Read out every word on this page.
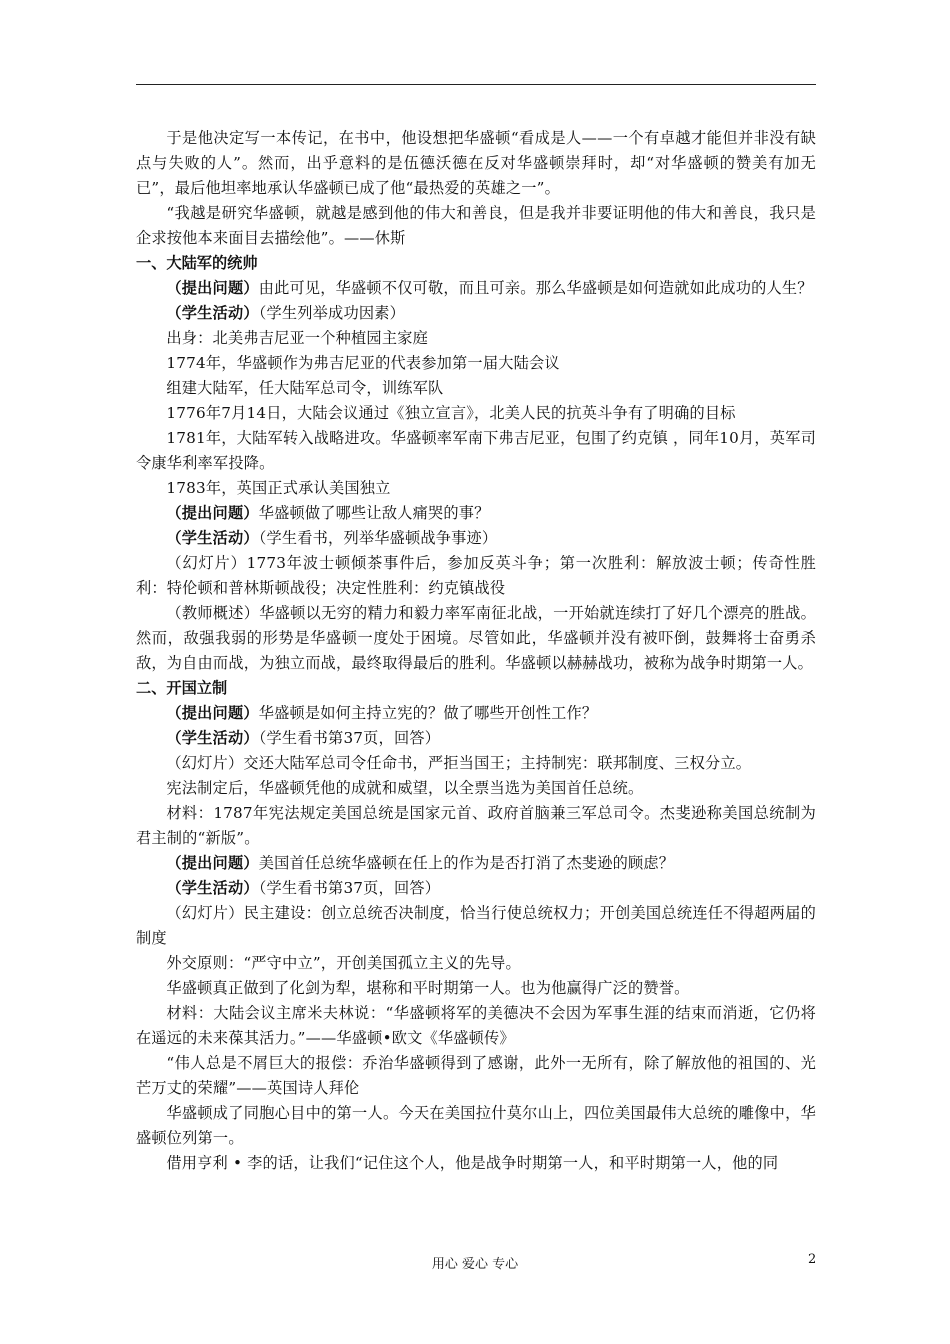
于是他决定写一本传记，在书中，他设想把华盛顿“看成是人——一个有卓越才能但并非没有缺点与失败的人”。然而，出乎意料的是伍德沃德在反对华盛顿崇拜时，却“对华盛顿的赞美有加无已”，最后他坦率地承认华盛顿已成了他“最热爱的英雄之一”。

“我越是研究华盛顿，就越是感到他的伟大和善良，但是我并非要证明他的伟大和善良，我只是企求按他本来面目去描绘他”。——休斯

一、大陆军的统帅

（提出问题）由此可见，华盛顿不仅可敬，而且可亲。那么华盛顿是如何造就如此成功的人生？

（学生活动）（学生列举成功因素）

出身：北美弗吉尼亚一个种植园主家庭

1774年，华盛顿作为弗吉尼亚的代表参加第一届大陆会议

组建大陆军，任大陆军总司令，训练军队

1776年7月14日，大陆会议通过《独立宣言》，北美人民的抗英斗争有了明确的目标

1781年，大陆军转入战略进攻。华盛顿率军南下弗吉尼亚，包围了约克镇 ，同年10月，英军司令康华利率军投降。

1783年，英国正式承认美国独立

（提出问题）华盛顿做了哪些让敌人痛哭的事？

（学生活动）（学生看书，列举华盛顿战争事迹）

（幻灯片）1773年波士顿倾茶事件后，参加反英斗争；第一次胜利：解放波士顿；传奇性胜利：特伦顿和普林斯顿战役；决定性胜利：约克镇战役

（教师概述）华盛顿以无穷的精力和毅力率军南征北战，一开始就连续打了好几个漂亮的胜战。然而，敌强我弱的形势是华盛顿一度处于困境。尽管如此，华盛顿并没有被吓倒，鼓舞将士奋勇杀敌，为自由而战，为独立而战，最终取得最后的胜利。华盛顿以赫赫战功，被称为战争时期第一人。

二、开国立制

（提出问题）华盛顿是如何主持立宪的？做了哪些开创性工作？

（学生活动）（学生看书第37页，回答）

（幻灯片）交还大陆军总司令任命书，严拒当国王；主持制宪：联邦制度、三权分立。

宪法制定后，华盛顿凭他的成就和威望，以全票当选为美国首任总统。

材料：1787年宪法规定美国总统是国家元首、政府首脑兼三军总司令。杰斐逊称美国总统制为君主制的“新版”。

（提出问题）美国首任总统华盛顿在任上的作为是否打消了杰斐逊的顾虑？

（学生活动）（学生看书第37页，回答）

（幻灯片）民主建设：创立总统否决制度，恰当行使总统权力；开创美国总统连任不得超两届的制度

外交原则：“严守中立”，开创美国孤立主义的先导。

华盛顿真正做到了化剑为犁，堪称和平时期第一人。也为他赢得广泛的赞誉。

材料：大陆会议主席米夫林说：“华盛顿将军的美德决不会因为军事生涯的结束而消逝，它仍将在遥远的未来葆其活力。”——华盛顿•欧文《华盛顿传》

“伟人总是不屑巨大的报偿：乔治华盛顿得到了感谢，此外一无所有，除了解放他的祖国的、光芒万丈的荣耀”——英国诗人拜伦

华盛顿成了同胞心目中的第一人。今天在美国拉什莫尔山上，四位美国最伟大总统的雕像中，华盛顿位列第一。

借用亨利 • 李的话，让我们“记住这个人，他是战争时期第一人，和平时期第一人，他的同

用心 爱心 专心	2
